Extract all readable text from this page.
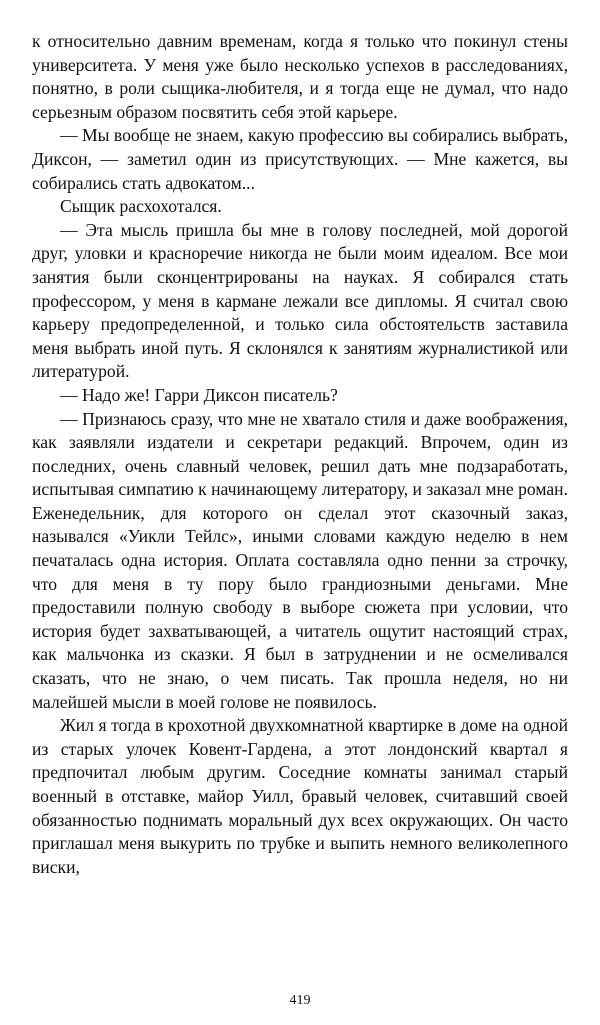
к относительно давним временам, когда я только что покинул стены университета. У меня уже было несколько успехов в расследованиях, понятно, в роли сыщика-любителя, и я тогда еще не думал, что надо серьезным образом посвятить себя этой карьере.

— Мы вообще не знаем, какую профессию вы собирались выбрать, Диксон, — заметил один из присутствующих. — Мне кажется, вы собирались стать адвокатом...

Сыщик расхохотался.

— Эта мысль пришла бы мне в голову последней, мой дорогой друг, уловки и красноречие никогда не были моим идеалом. Все мои занятия были сконцентрированы на науках. Я собирался стать профессором, у меня в кармане лежали все дипломы. Я считал свою карьеру предопределенной, и только сила обстоятельств заставила меня выбрать иной путь. Я склонялся к занятиям журналистикой или литературой.

— Надо же! Гарри Диксон писатель?

— Признаюсь сразу, что мне не хватало стиля и даже воображения, как заявляли издатели и секретари редакций. Впрочем, один из последних, очень славный человек, решил дать мне подзаработать, испытывая симпатию к начинающему литератору, и заказал мне роман. Еженедельник, для которого он сделал этот сказочный заказ, назывался «Уикли Тейлс», иными словами каждую неделю в нем печаталась одна история. Оплата составляла одно пенни за строчку, что для меня в ту пору было грандиозными деньгами. Мне предоставили полную свободу в выборе сюжета при условии, что история будет захватывающей, а читатель ощутит настоящий страх, как мальчонка из сказки. Я был в затруднении и не осмеливался сказать, что не знаю, о чем писать. Так прошла неделя, но ни малейшей мысли в моей голове не появилось.

Жил я тогда в крохотной двухкомнатной квартирке в доме на одной из старых улочек Ковент-Гардена, а этот лондонский квартал я предпочитал любым другим. Соседние комнаты занимал старый военный в отставке, майор Уилл, бравый человек, считавший своей обязанностью поднимать моральный дух всех окружающих. Он часто приглашал меня выкурить по трубке и выпить немного великолепного виски,

419
